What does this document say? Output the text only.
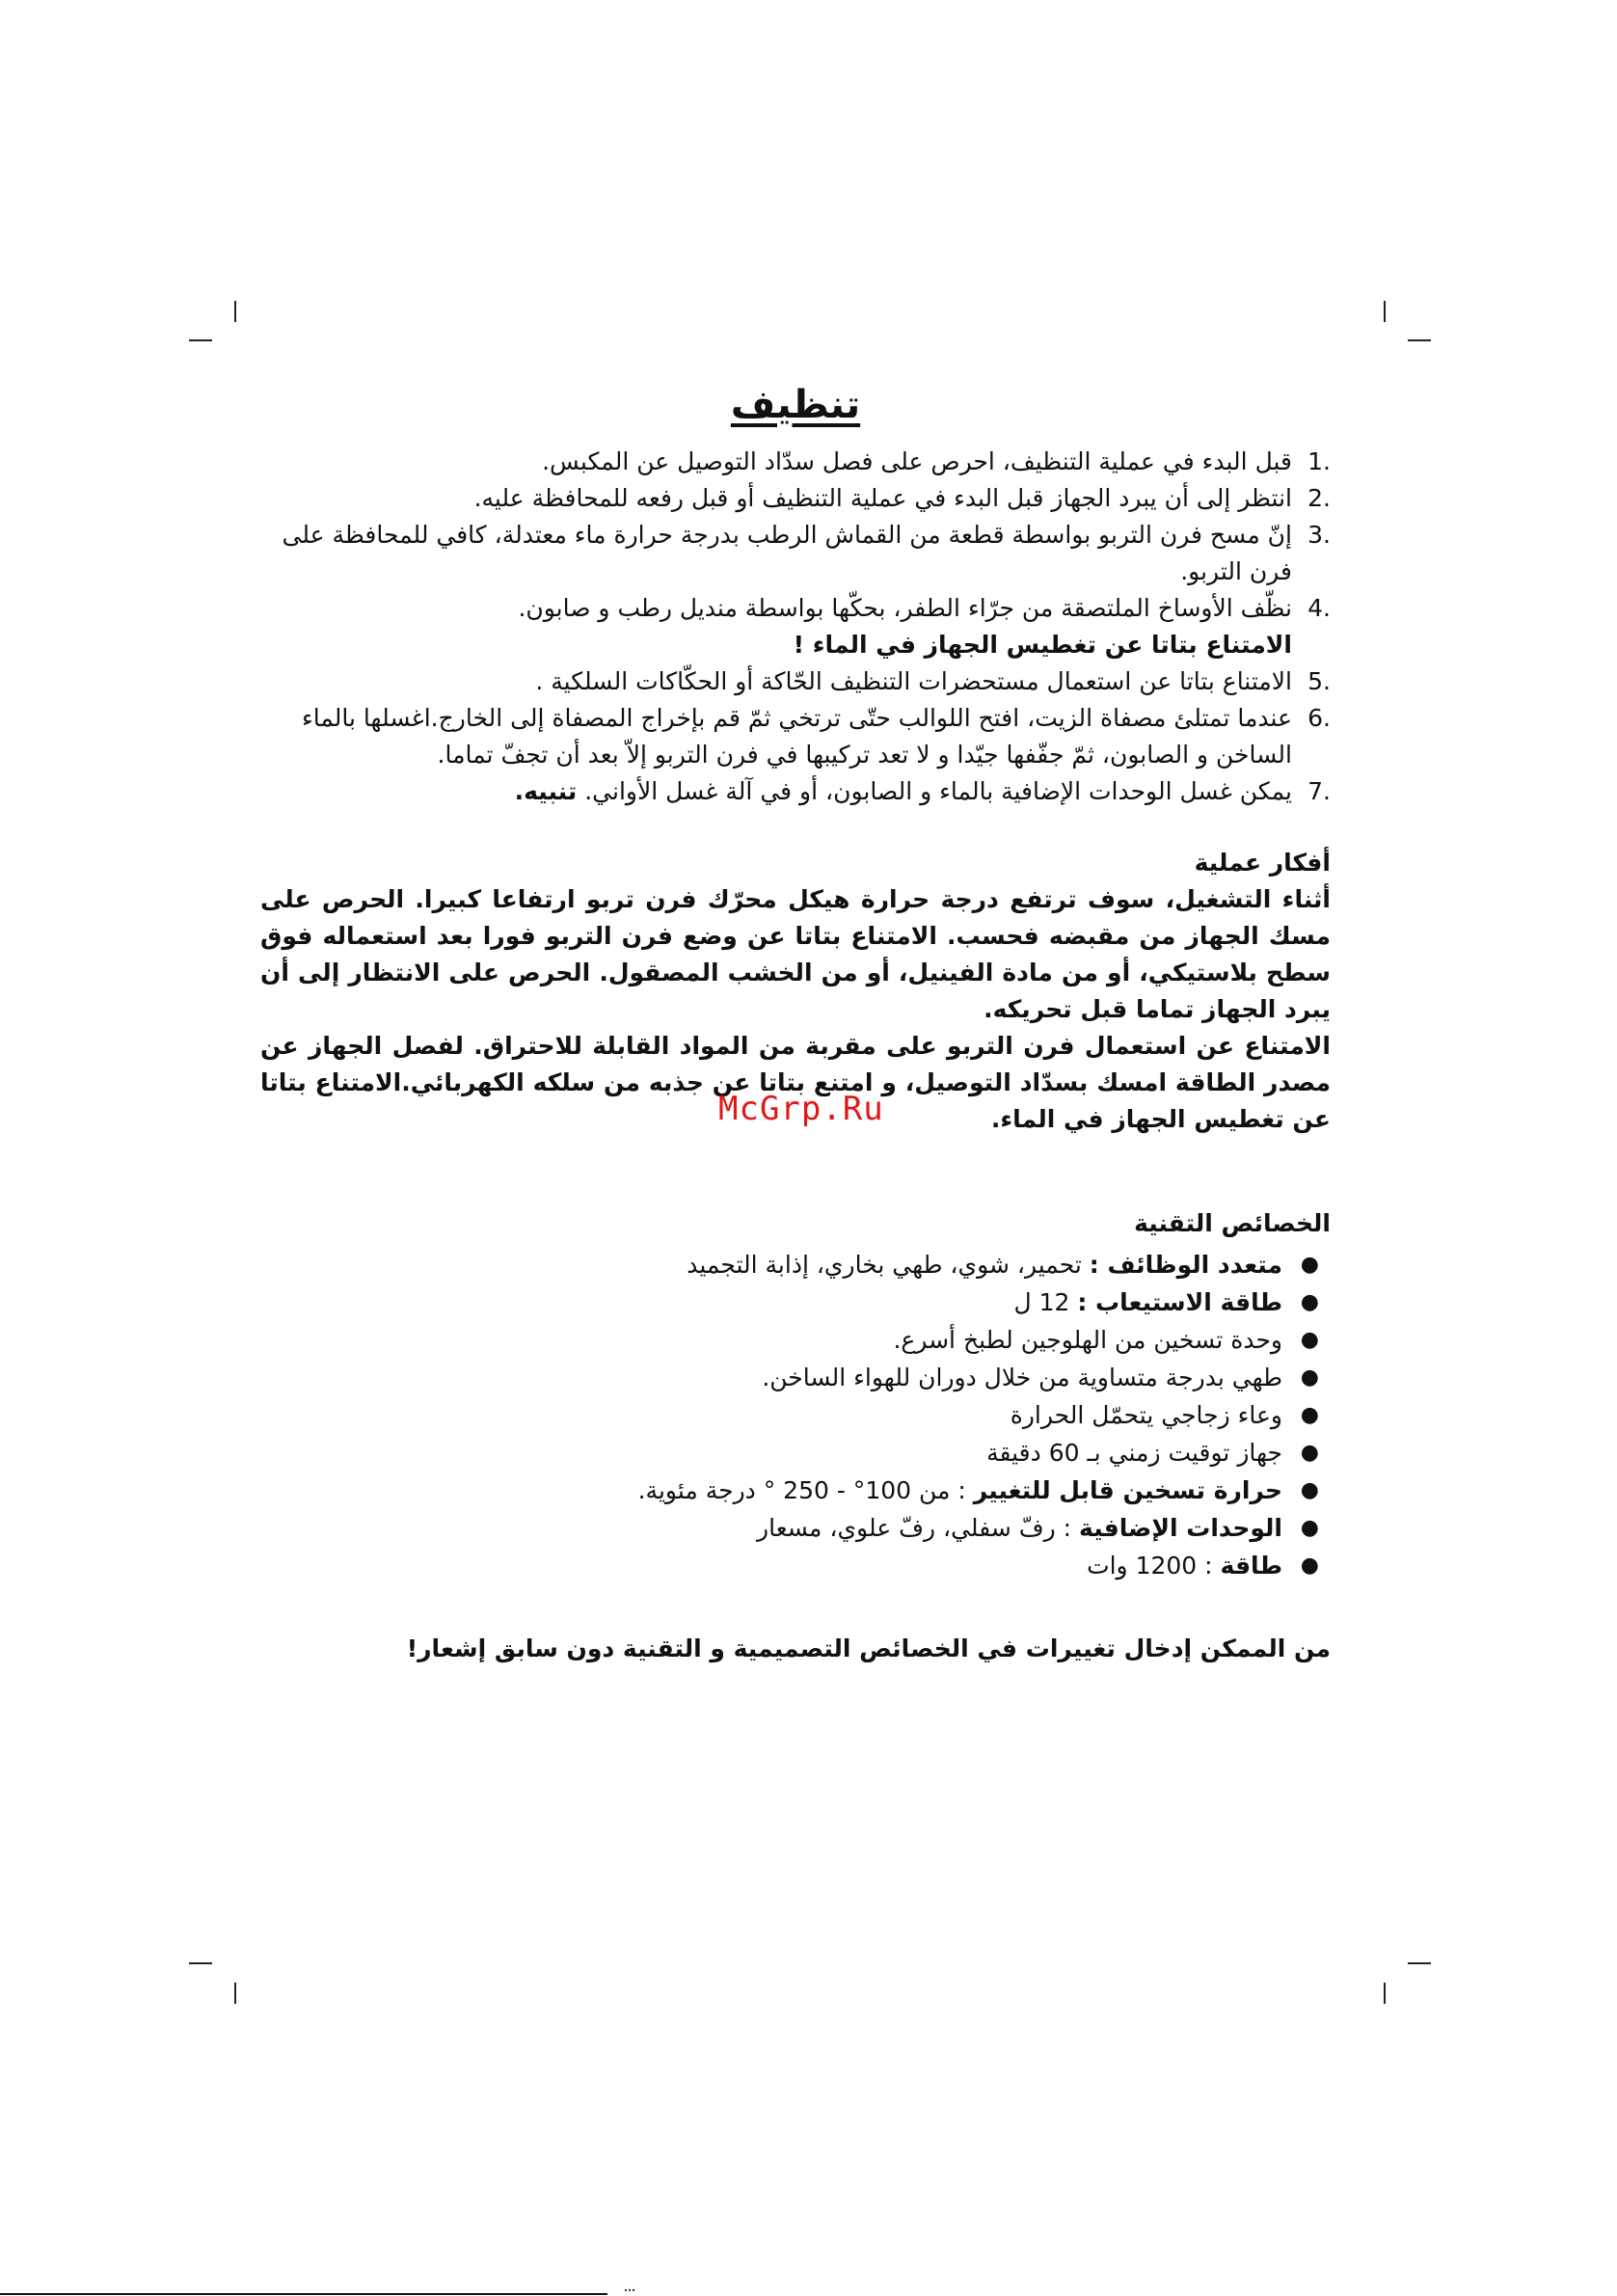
تنظيف
.1
قبل البدء في عملية التنظيف، احرص على فصل سدّاد التوصيل عن المكبس.
.2
انتظر إلى أن يبرد الجهاز قبل البدء في عملية التنظيف أو قبل رفعه للمحافظة عليه.
.3
إنّ مسح فرن التربو بواسطة قطعة من القماش الرطب بدرجة حرارة ماء معتدلة، كافي للمحافظة على فرن التربو.
.4
نظّف الأوساخ الملتصقة من جرّاء الطفر، بحكّها بواسطة منديل رطب و صابون.
الامتناع بتاتا عن تغطيس الجهاز في الماء !
.5
الامتناع بتاتا عن استعمال مستحضرات التنظيف الحّاكة أو الحكّاكات السلكية .
.6
عندما تمتلئ مصفاة الزيت، افتح اللوالب حتّى ترتخي ثمّ قم بإخراج المصفاة إلى الخارج.اغسلها بالماء الساخن و الصابون، ثمّ جفّفها جيّدا و لا تعد تركيبها في فرن التربو إلاّ بعد أن تجفّ تماما.
.7
يمكن غسل الوحدات الإضافية بالماء و الصابون، أو في آلة غسل الأواني. تنبيه.
أفكار عملية

أثناء التشغيل، سوف ترتفع درجة حرارة هيكل محرّك فرن تربو ارتفاعا كبيرا. الحرص على مسك الجهاز من مقبضه فحسب. الامتناع بتاتا عن وضع فرن التربو فورا بعد استعماله فوق سطح بلاستيكي، أو من مادة الفينيل، أو من الخشب المصقول. الحرص على الانتظار إلى أن يبرد الجهاز تماما قبل تحريكه.

الامتناع عن استعمال فرن التربو على مقربة من المواد القابلة للاحتراق. لفصل الجهاز عن مصدر الطاقة امسك بسدّاد التوصيل، و امتنع بتاتا عن جذبه من سلكه الكهربائي.الامتناع بتاتا عن تغطيس الجهاز في الماء.

الخصائص التقنية
●
متعدد الوظائف : تحمير، شوي، طهي بخاري، إذابة التجميد
●
طاقة الاستيعاب : 12 ل
●
وحدة تسخين من الهلوجين لطبخ أسرع.
●
طهي بدرجة متساوية من خلال دوران للهواء الساخن.
●
وعاء زجاجي يتحمّل الحرارة
●
جهاز توقيت زمني بـ 60 دقيقة
●
حرارة تسخين قابل للتغيير : من 100° - 250 ° درجة مئوية.
●
الوحدات الإضافية : رفّ سفلي، رفّ علوي، مسعار
●
طاقة : 1200 وات
من الممكن إدخال تغييرات في الخصائص التصميمية و التقنية دون سابق إشعار!
McGrp.Ru
